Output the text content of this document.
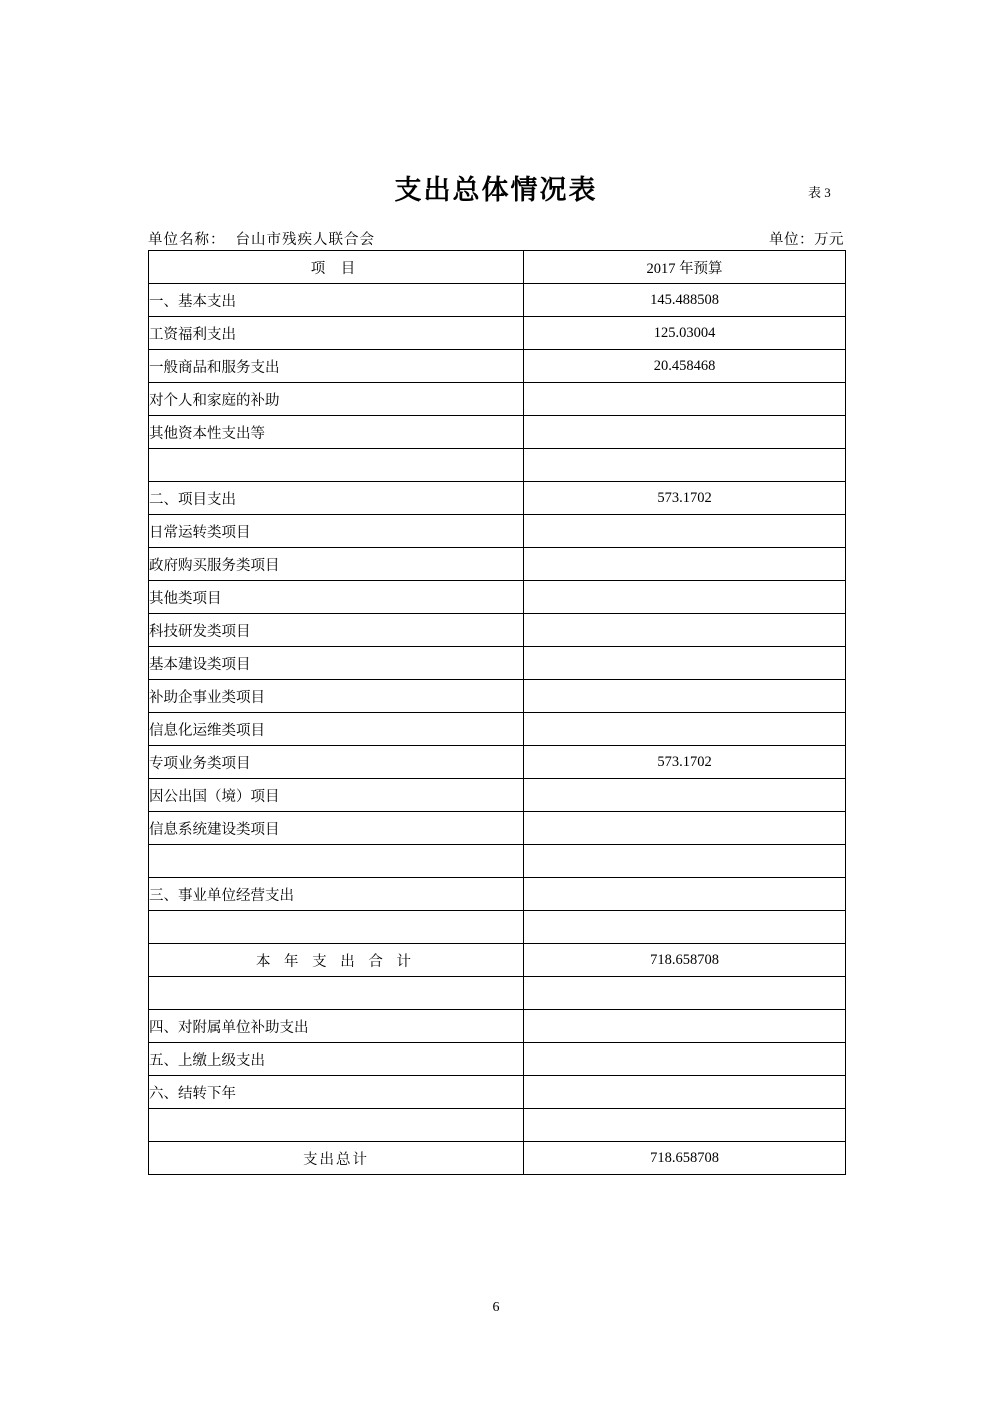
支出总体情况表	表 3
单位名称： 台山市残疾人联合会	单位：万元
项 目	2017 年预算
一、基本支出	145.488508
工资福利支出	125.03004
一般商品和服务支出	20.458468
对个人和家庭的补助	
其他资本性支出等	

二、项目支出	573.1702
日常运转类项目	
政府购买服务类项目	
其他类项目	
科技研发类项目	
基本建设类项目	
补助企事业类项目	
信息化运维类项目	
专项业务类项目	573.1702
因公出国（境）项目	
信息系统建设类项目	

三、事业单位经营支出	

本 年 支 出 合 计	718.658708

四、对附属单位补助支出	
五、上缴上级支出	
六、结转下年	

支出总计	718.658708
6
